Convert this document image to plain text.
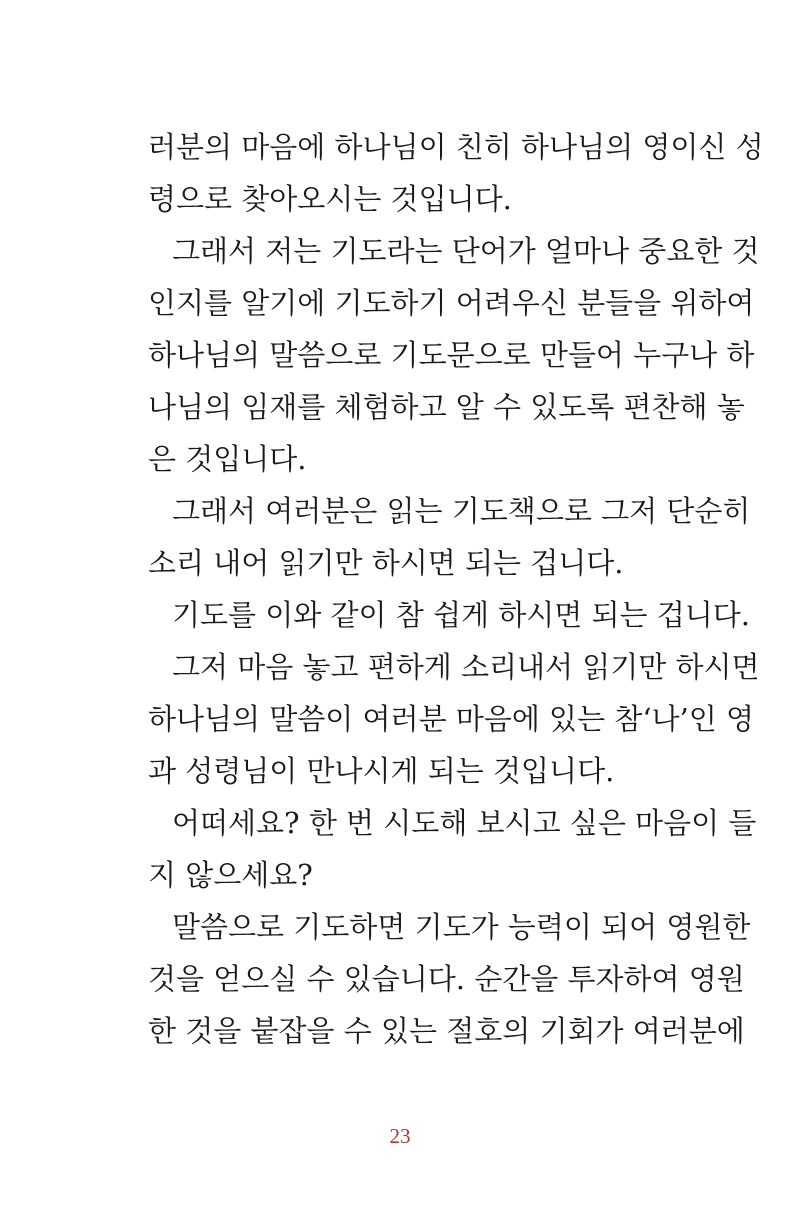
러분의 마음에 하나님이 친히 하나님의 영이신 성
령으로 찾아오시는 것입니다.
그래서 저는 기도라는 단어가 얼마나 중요한 것
인지를 알기에 기도하기 어려우신 분들을 위하여
하나님의 말씀으로 기도문으로 만들어 누구나 하
나님의 임재를 체험하고 알 수 있도록 편찬해 놓
은 것입니다.
그래서 여러분은 읽는 기도책으로 그저 단순히
소리 내어 읽기만 하시면 되는 겁니다.
기도를 이와 같이 참 쉽게 하시면 되는 겁니다.
그저 마음 놓고 편하게 소리내서 읽기만 하시면
하나님의 말씀이 여러분 마음에 있는 참‘나’인 영
과 성령님이 만나시게 되는 것입니다.
어떠세요? 한 번 시도해 보시고 싶은 마음이 들
지 않으세요?
말씀으로 기도하면 기도가 능력이 되어 영원한
것을 얻으실 수 있습니다. 순간을 투자하여 영원
한 것을 붙잡을 수 있는 절호의 기회가 여러분에
23
